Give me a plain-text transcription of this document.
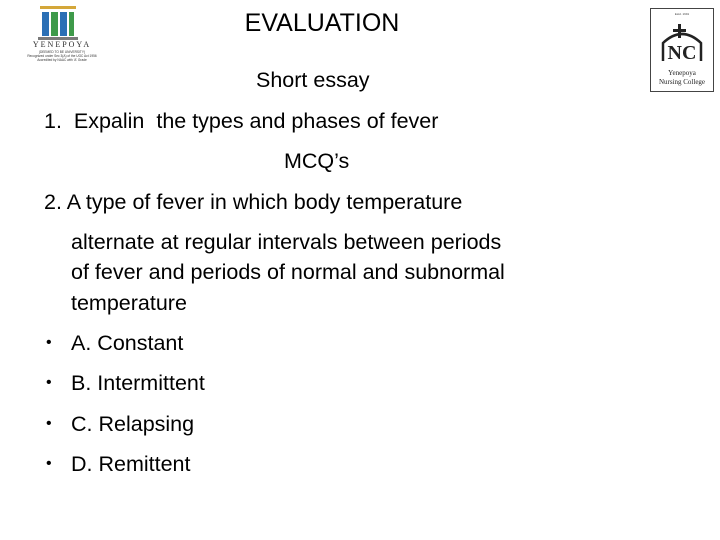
YENEPOYA
(DEEMED TO BE UNIVERSITY)
Recognized under Sec 3(A) of the UGC Act 1956
Accredited by NAAC with 'A' Grade
Estd. 1991
NC
Yenepoya
Nursing College
EVALUATION
Short essay
1.  Expalin  the types and phases of fever
MCQ’s
2. A type of fever in which body temperature
alternate at regular intervals between periods
of fever and periods of normal and subnormal
temperature
• A. Constant
• B. Intermittent
• C. Relapsing
• D. Remittent
